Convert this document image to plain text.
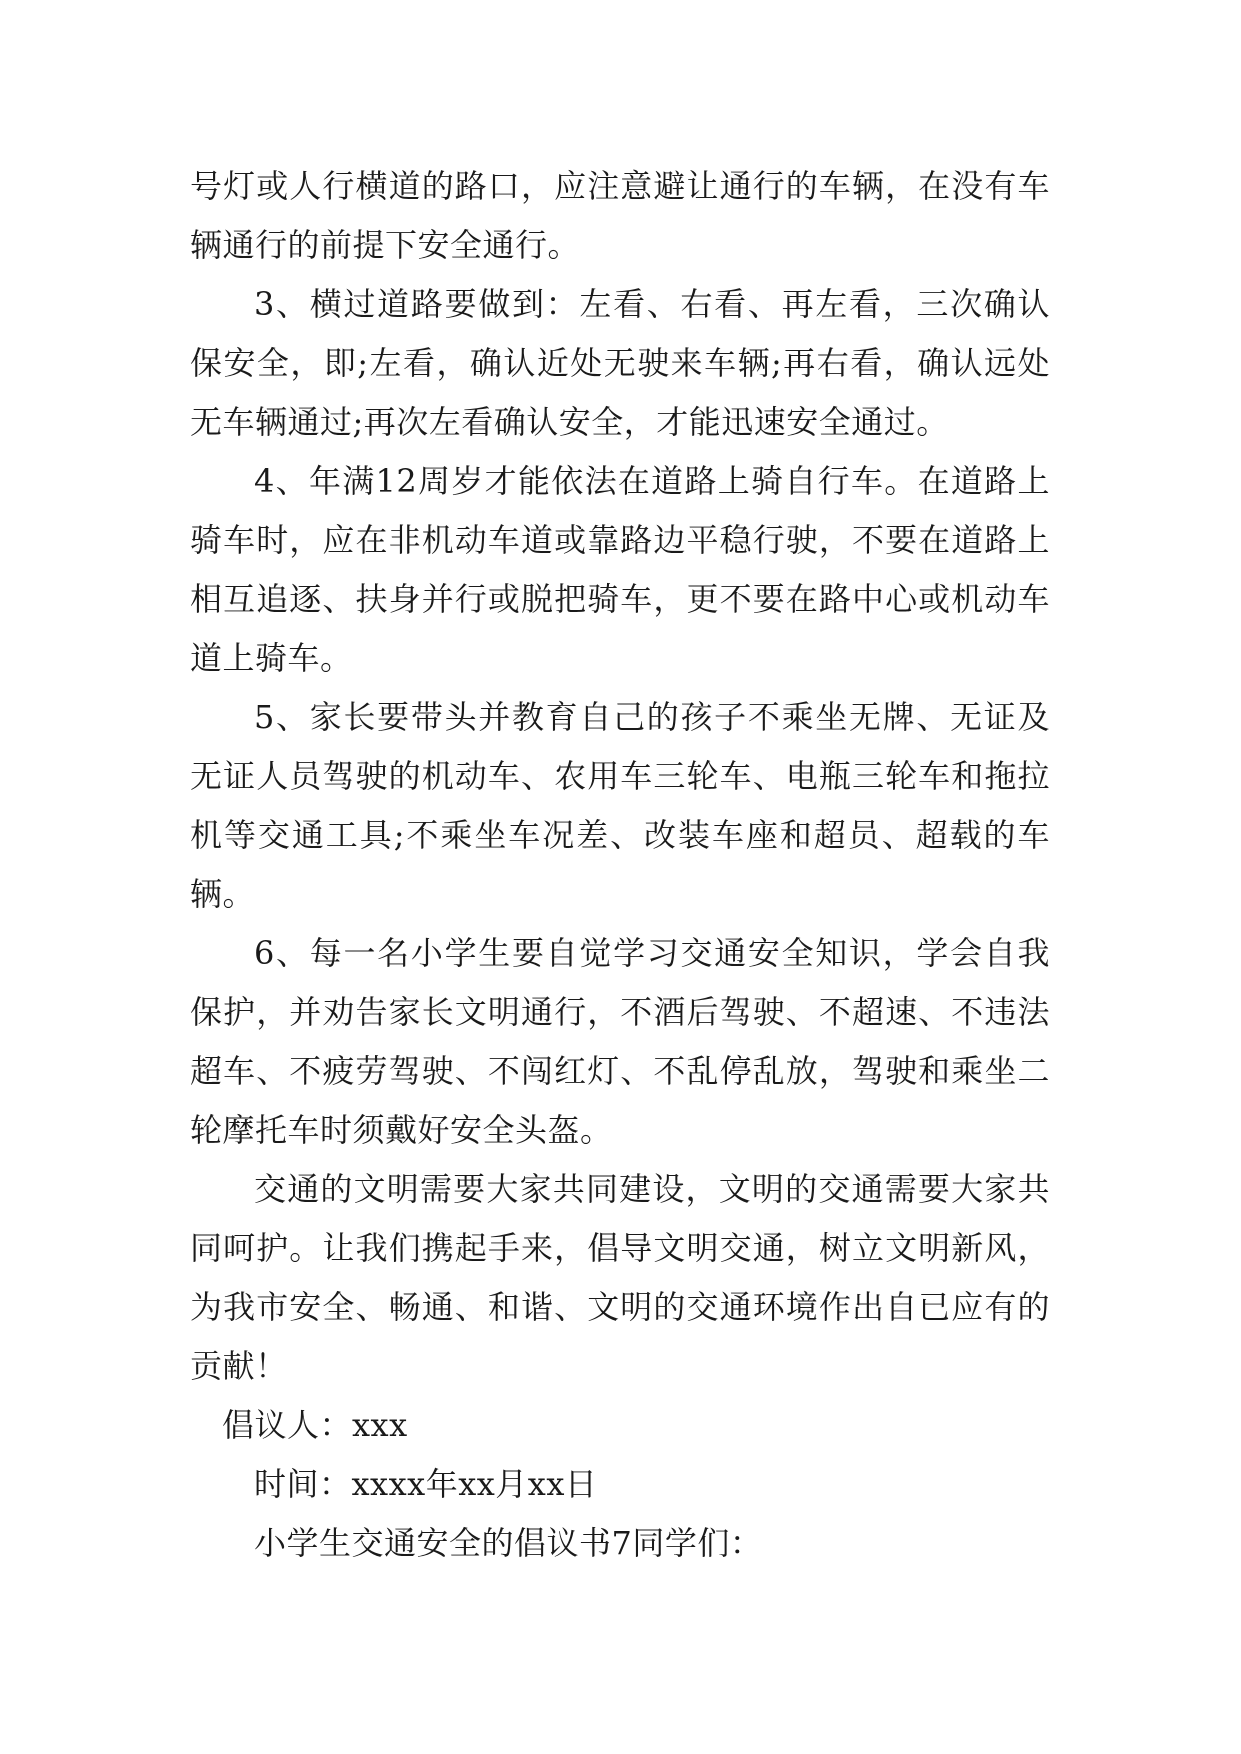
号灯或人行横道的路口，应注意避让通行的车辆，在没有车
辆通行的前提下安全通行。
3、横过道路要做到：左看、右看、再左看，三次确认
保安全，即;左看，确认近处无驶来车辆;再右看，确认远处
无车辆通过;再次左看确认安全，才能迅速安全通过。
4、年满12周岁才能依法在道路上骑自行车。在道路上
骑车时，应在非机动车道或靠路边平稳行驶，不要在道路上
相互追逐、扶身并行或脱把骑车，更不要在路中心或机动车
道上骑车。
5、家长要带头并教育自己的孩子不乘坐无牌、无证及
无证人员驾驶的机动车、农用车三轮车、电瓶三轮车和拖拉
机等交通工具;不乘坐车况差、改装车座和超员、超载的车
辆。
6、每一名小学生要自觉学习交通安全知识，学会自我
保护，并劝告家长文明通行，不酒后驾驶、不超速、不违法
超车、不疲劳驾驶、不闯红灯、不乱停乱放，驾驶和乘坐二
轮摩托车时须戴好安全头盔。
交通的文明需要大家共同建设，文明的交通需要大家共
同呵护。让我们携起手来，倡导文明交通，树立文明新风，
为我市安全、畅通、和谐、文明的交通环境作出自已应有的
贡献！
倡议人：xxx
时间：xxxx年xx月xx日
小学生交通安全的倡议书7同学们：
